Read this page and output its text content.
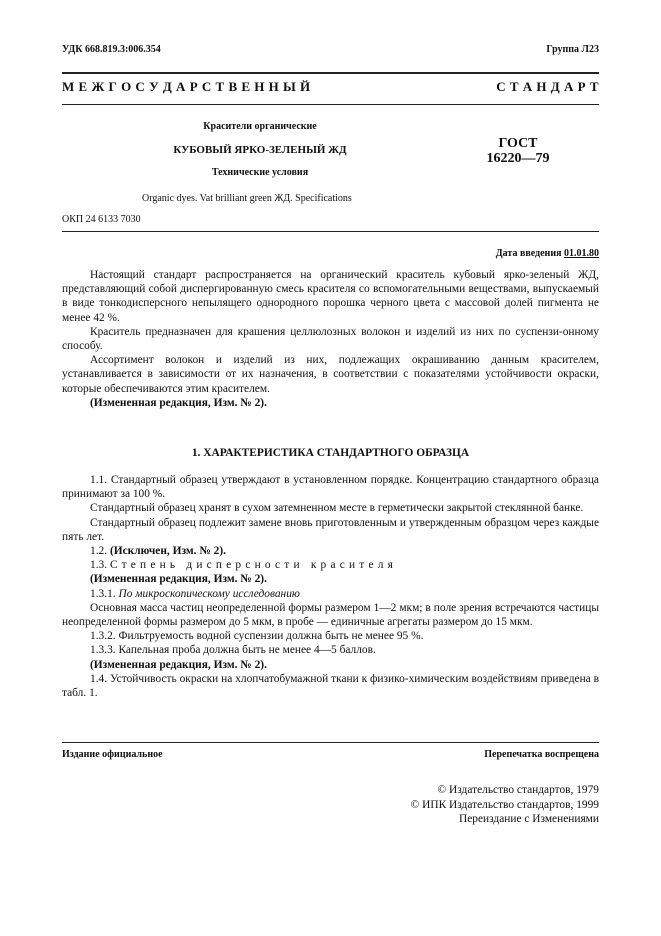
УДК 668.819.3:006.354	Группа Л23
М Е Ж Г О С У Д А Р С Т В Е Н Н Ы Й	С Т А Н Д А Р Т
Красители органические
КУБОВЫЙ ЯРКО-ЗЕЛЕНЫЙ ЖД
Технические условия
Organic dyes. Vat brilliant green ЖД. Specifications
ГОСТ
16220—79
ОКП 24 6133 7030
Дата введения 01.01.80
Настоящий стандарт распространяется на органический краситель кубовый ярко-зеленый ЖД, представляющий собой диспергированную смесь красителя со вспомогательными веществами, выпускаемый в виде тонкодисперсного непылящего однородного порошка черного цвета с массовой долей пигмента не менее 42 %.
Краситель предназначен для крашения целлюлозных волокон и изделий из них по суспензи-онному способу.
Ассортимент волокон и изделий из них, подлежащих окрашиванию данным красителем, устанавливается в зависимости от их назначения, в соответствии с показателями устойчивости окраски, которые обеспечиваются этим красителем.
(Измененная редакция, Изм. № 2).
1. ХАРАКТЕРИСТИКА СТАНДАРТНОГО ОБРАЗЦА
1.1. Стандартный образец утверждают в установленном порядке. Концентрацию стандартного образца принимают за 100 %.
Стандартный образец хранят в сухом затемненном месте в герметически закрытой стеклянной банке.
Стандартный образец подлежит замене вновь приготовленным и утвержденным образцом через каждые пять лет.
1.2. (Исключен, Изм. № 2).
1.3. Степень дисперсности красителя
(Измененная редакция, Изм. № 2).
1.3.1. По микроскопическому исследованию
Основная масса частиц неопределенной формы размером 1—2 мкм; в поле зрения встречаются частицы неопределенной формы размером до 5 мкм, в пробе — единичные агрегаты размером до 15 мкм.
1.3.2. Фильтруемость водной суспензии должна быть не менее 95 %.
1.3.3. Капельная проба должна быть не менее 4—5 баллов.
(Измененная редакция, Изм. № 2).
1.4. Устойчивость окраски на хлопчатобумажной ткани к физико-химическим воздействиям приведена в табл. 1.
Издание официальное	Перепечатка воспрещена
© Издательство стандартов, 1979
© ИПК Издательство стандартов, 1999
Переиздание с Изменениями
